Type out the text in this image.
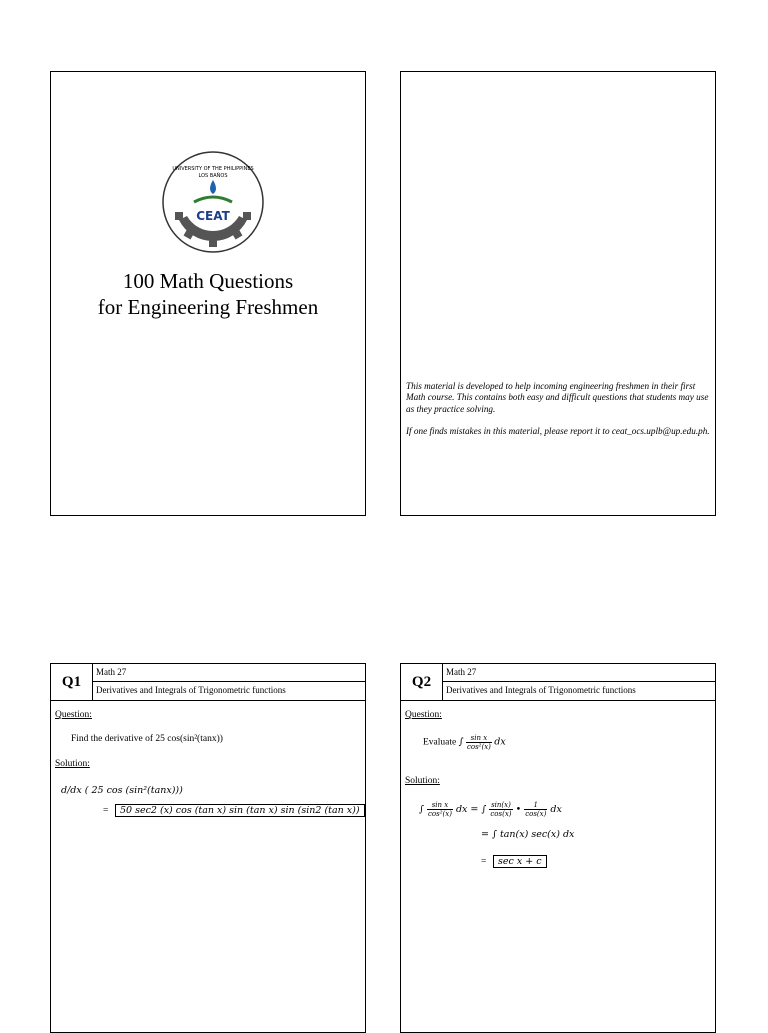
CEAT
UNIVERSITY OF THE PHILIPPINES
LOS BAÑOS
100 Math Questions
for Engineering Freshmen

This material is developed to help incoming engineering freshmen in their first Math course. This contains both easy and difficult questions that students may use as they practice solving.

If one finds mistakes in this material, please report it to ceat_ocs.uplb@up.edu.ph.

Q1
Math 27
Derivatives and Integrals of Trigonometric functions
Question:
Find the derivative of 25 cos(sin²(tanx))
Solution:
d/dx ( 25 cos (sin²(tanx)))
=	50 sec2 (x) cos (tan x) sin (tan x) sin (sin2 (tan x))
Q2
Math 27
Derivatives and Integrals of Trigonometric functions
Question:
Evaluate ∫ $\frac{\text{sin x}}{\text{cos²(x)}}$ dx
Solution:
∫ $\frac{\text{sin x}}{\text{cos²(x)}}$ dx = ∫ $\frac{\sin(x)}{\cos(x)}$ • $\frac{1}{\cos(x)}$ dx
= ∫ tan(x) sec(x) dx
=	sec x + c
